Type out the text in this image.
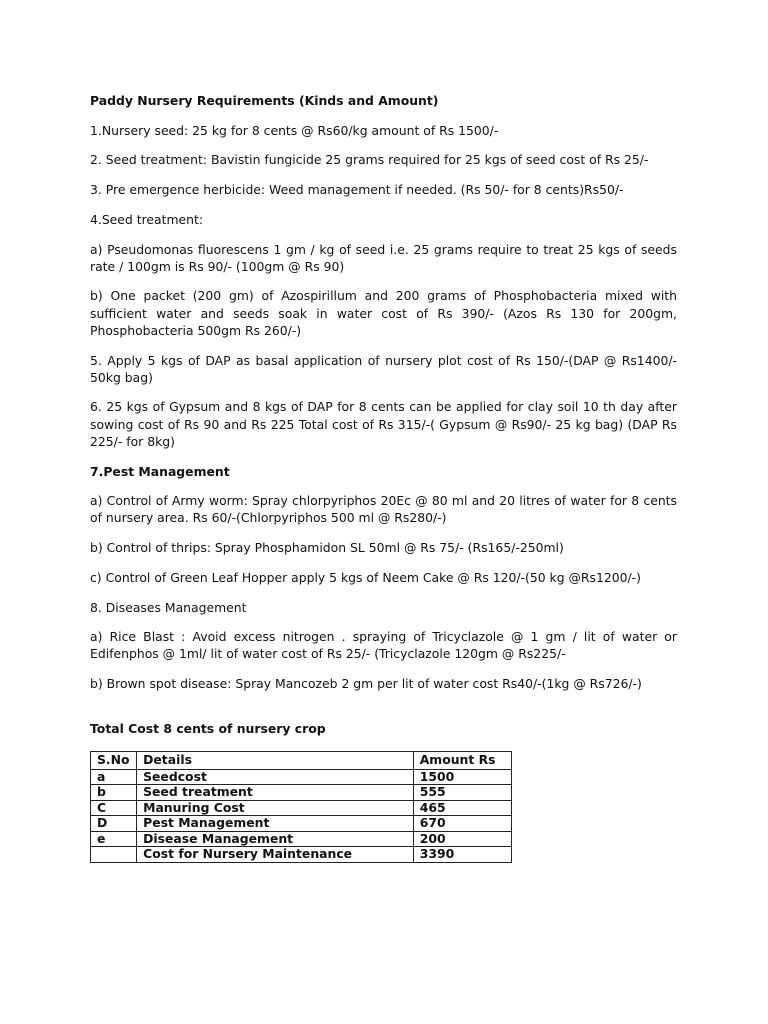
Paddy Nursery Requirements (Kinds and Amount)

1.Nursery seed: 25 kg for 8 cents @ Rs60/kg amount of Rs 1500/-

2. Seed treatment: Bavistin fungicide 25 grams required for 25 kgs of seed cost of Rs 25/-

3. Pre emergence herbicide: Weed management if needed. (Rs 50/- for 8 cents)Rs50/-

4.Seed treatment:

a) Pseudomonas fluorescens 1 gm / kg of seed i.e. 25 grams require to treat 25 kgs of seeds rate / 100gm is Rs 90/- (100gm @ Rs 90)

b) One packet (200 gm) of Azospirillum and 200 grams of Phosphobacteria mixed with sufficient water and seeds soak in water cost of Rs 390/- (Azos Rs 130 for 200gm, Phosphobacteria 500gm Rs 260/-)

5. Apply 5 kgs of DAP as basal application of nursery plot cost of Rs 150/-(DAP @ Rs1400/- 50kg bag)

6. 25 kgs of Gypsum and 8 kgs of DAP for 8 cents can be applied for clay soil 10 th day after sowing cost of Rs 90 and Rs 225 Total cost of Rs 315/-( Gypsum @ Rs90/- 25 kg bag) (DAP Rs 225/- for 8kg)

7.Pest Management

a) Control of Army worm: Spray chlorpyriphos 20Ec @ 80 ml and 20 litres of water for 8 cents of nursery area. Rs 60/-(Chlorpyriphos 500 ml @ Rs280/-)

b) Control of thrips: Spray Phosphamidon SL 50ml @ Rs 75/- (Rs165/-250ml)

c) Control of Green Leaf Hopper apply 5 kgs of Neem Cake @ Rs 120/-(50 kg @Rs1200/-)

8. Diseases Management

a) Rice Blast : Avoid excess nitrogen . spraying of Tricyclazole @ 1 gm / lit of water or Edifenphos @ 1ml/ lit of water cost of Rs 25/- (Tricyclazole 120gm @ Rs225/-

b) Brown spot disease: Spray Mancozeb 2 gm per lit of water cost Rs40/-(1kg @ Rs726/-)

Total Cost 8 cents of nursery crop

S.No	Details	Amount Rs
a	Seedcost	1500
b	Seed treatment	555
C	Manuring Cost	465
D	Pest Management	670
e	Disease Management	200
	Cost for Nursery Maintenance	3390
